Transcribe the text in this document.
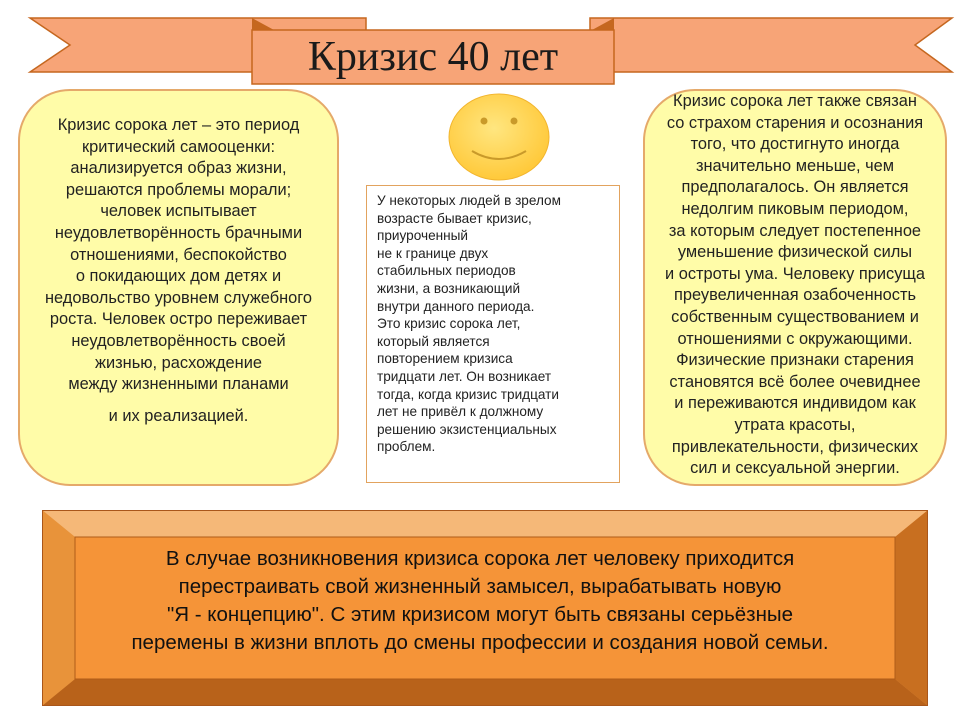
Кризис 40 лет
Кризис сорока лет – это период
критический самооценки:
анализируется образ жизни,
решаются проблемы морали;
человек испытывает
неудовлетворённость брачными
отношениями, беспокойство
о покидающих дом детях и
недовольство уровнем служебного
роста. Человек остро переживает
неудовлетворённость своей
жизнью, расхождение
между жизненными планами
и их реализацией.
У некоторых людей в зрелом
возрасте бывает кризис,
приуроченный
не к границе двух
стабильных периодов
жизни, а возникающий
внутри данного периода.
Это кризис сорока лет,
который является
повторением кризиса
тридцати лет. Он возникает
тогда, когда кризис тридцати
лет не привёл к должному
решению экзистенциальных
проблем.
Кризис сорока лет также связан
со страхом старения и осознания
того, что достигнуто иногда
значительно меньше, чем
предполагалось. Он является
недолгим пиковым периодом,
за которым следует постепенное
уменьшение физической силы
и остроты ума. Человеку присуща
преувеличенная озабоченность
собственным существованием и
отношениями с окружающими.
Физические признаки старения
становятся всё более очевиднее
и переживаются индивидом как
утрата красоты,
привлекательности, физических
сил и сексуальной энергии.
В случае возникновения кризиса сорока лет человеку приходится
перестраивать свой жизненный замысел, вырабатывать новую
"Я - концепцию". С этим кризисом могут быть связаны серьёзные
перемены в жизни вплоть до смены профессии и создания новой семьи.
